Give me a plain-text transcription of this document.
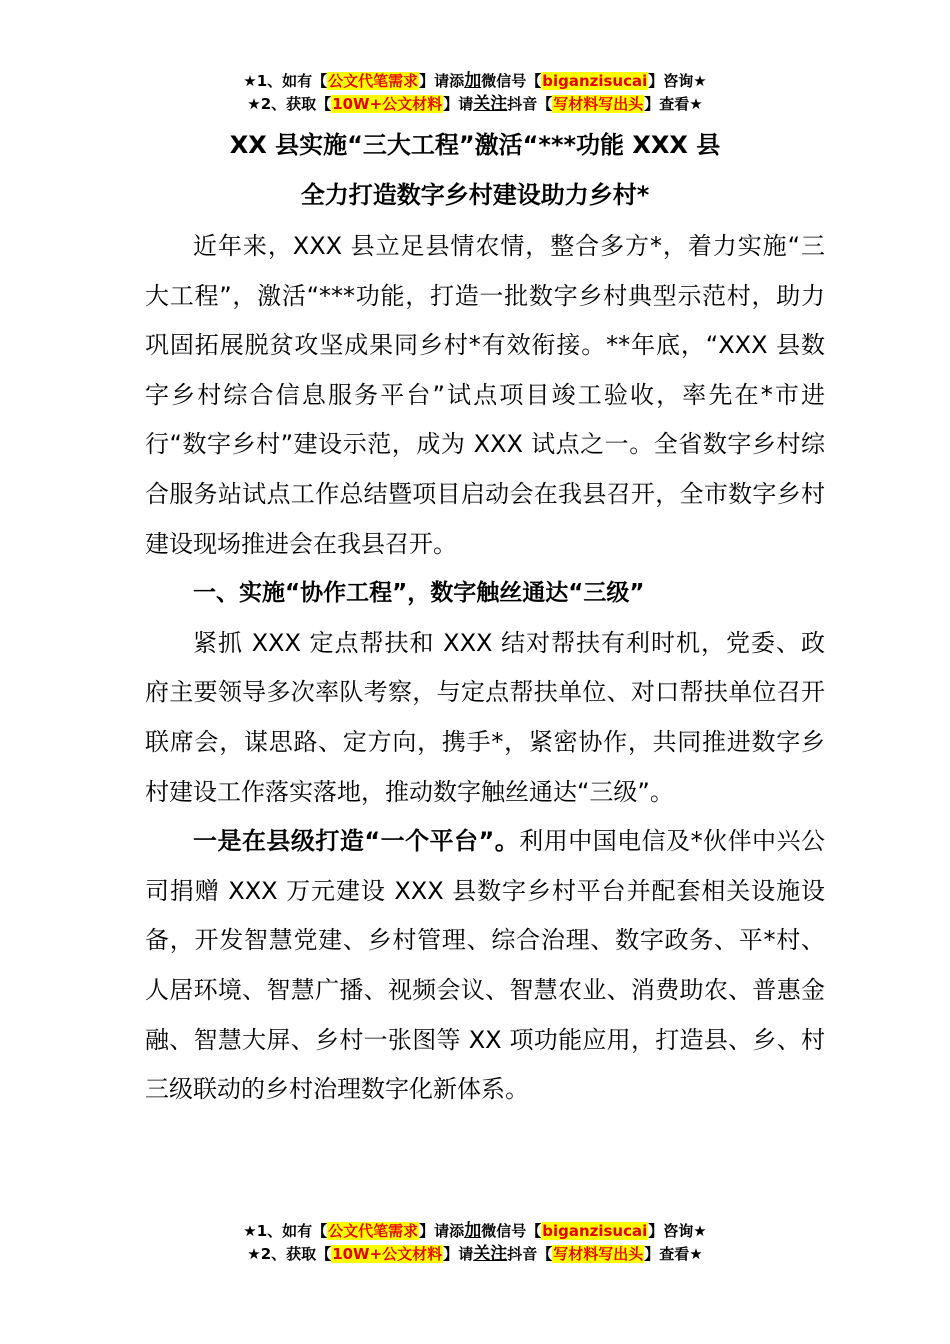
★1、如有【公文代笔需求】请添加微信号【biganzisucai】咨询★
★2、获取【10W+公文材料】请关注抖音【写材料写出头】查看★
XX 县实施“三大工程”激活“***功能 XXX 县
全力打造数字乡村建设助力乡村*

近年来，XXX 县立足县情农情，整合多方*，着力实施“三大工程”，激活“***功能，打造一批数字乡村典型示范村，助力巩固拓展脱贫攻坚成果同乡村*有效衔接。**年底，“XXX 县数字乡村综合信息服务平台”试点项目竣工验收，率先在*市进行“数字乡村”建设示范，成为 XXX 试点之一。全省数字乡村综合服务站试点工作总结暨项目启动会在我县召开，全市数字乡村建设现场推进会在我县召开。

一、实施“协作工程”，数字触丝通达“三级”

紧抓 XXX 定点帮扶和 XXX 结对帮扶有利时机，党委、政府主要领导多次率队考察，与定点帮扶单位、对口帮扶单位召开联席会，谋思路、定方向，携手*，紧密协作，共同推进数字乡村建设工作落实落地，推动数字触丝通达“三级”。

一是在县级打造“一个平台”。利用中国电信及*伙伴中兴公司捐赠 XXX 万元建设 XXX 县数字乡村平台并配套相关设施设备，开发智慧党建、乡村管理、综合治理、数字政务、平*村、人居环境、智慧广播、视频会议、智慧农业、消费助农、普惠金融、智慧大屏、乡村一张图等 XX 项功能应用，打造县、乡、村三级联动的乡村治理数字化新体系。

★1、如有【公文代笔需求】请添加微信号【biganzisucai】咨询★
★2、获取【10W+公文材料】请关注抖音【写材料写出头】查看★
